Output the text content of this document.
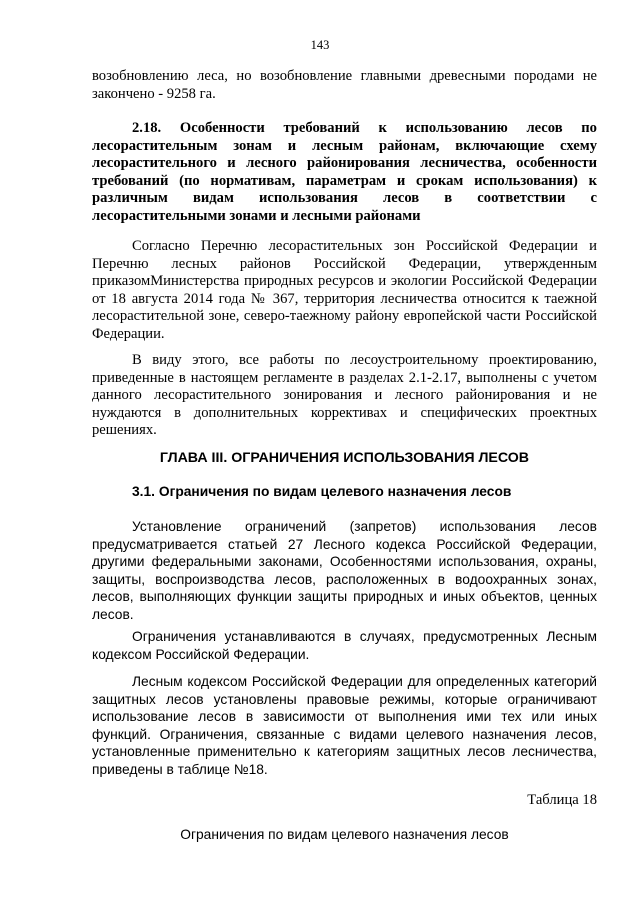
143

возобновлению леса, но возобновление главными древесными породами не закончено - 9258 га.

2.18. Особенности требований к использованию лесов по лесорастительным зонам и лесным районам, включающие схему лесорастительного и лесного районирования лесничества, особенности требований (по нормативам, параметрам и срокам использования) к различным видам использования лесов в соответствии с лесорастительными зонами и лесными районами

Согласно Перечню лесорастительных зон Российской Федерации и Перечню лесных районов Российской Федерации, утвержденным приказомМинистерства природных ресурсов и экологии Российской Федерации от 18 августа 2014 года № 367, территория лесничества относится к таежной лесорастительной зоне, северо-таежному району европейской части Российской Федерации.

В виду этого, все работы по лесоустроительному проектированию, приведенные в настоящем регламенте в разделах 2.1-2.17, выполнены с учетом данного лесорастительного зонирования и лесного районирования и не нуждаются в дополнительных коррективах и специфических проектных решениях.

ГЛАВА III. ОГРАНИЧЕНИЯ ИСПОЛЬЗОВАНИЯ ЛЕСОВ

3.1. Ограничения по видам целевого назначения лесов

Установление ограничений (запретов) использования лесов предусматривается статьей 27 Лесного кодекса Российской Федерации, другими федеральными законами, Особенностями использования, охраны, защиты, воспроизводства лесов, расположенных в водоохранных зонах, лесов, выполняющих функции защиты природных и иных объектов, ценных лесов.

Ограничения устанавливаются в случаях, предусмотренных Лесным кодексом Российской Федерации.

Лесным кодексом Российской Федерации для определенных категорий защитных лесов установлены правовые режимы, которые ограничивают использование лесов в зависимости от выполнения ими тех или иных функций. Ограничения, связанные с видами целевого назначения лесов, установленные применительно к категориям защитных лесов лесничества, приведены в таблице №18.

Таблица 18

Ограничения по видам целевого назначения лесов
